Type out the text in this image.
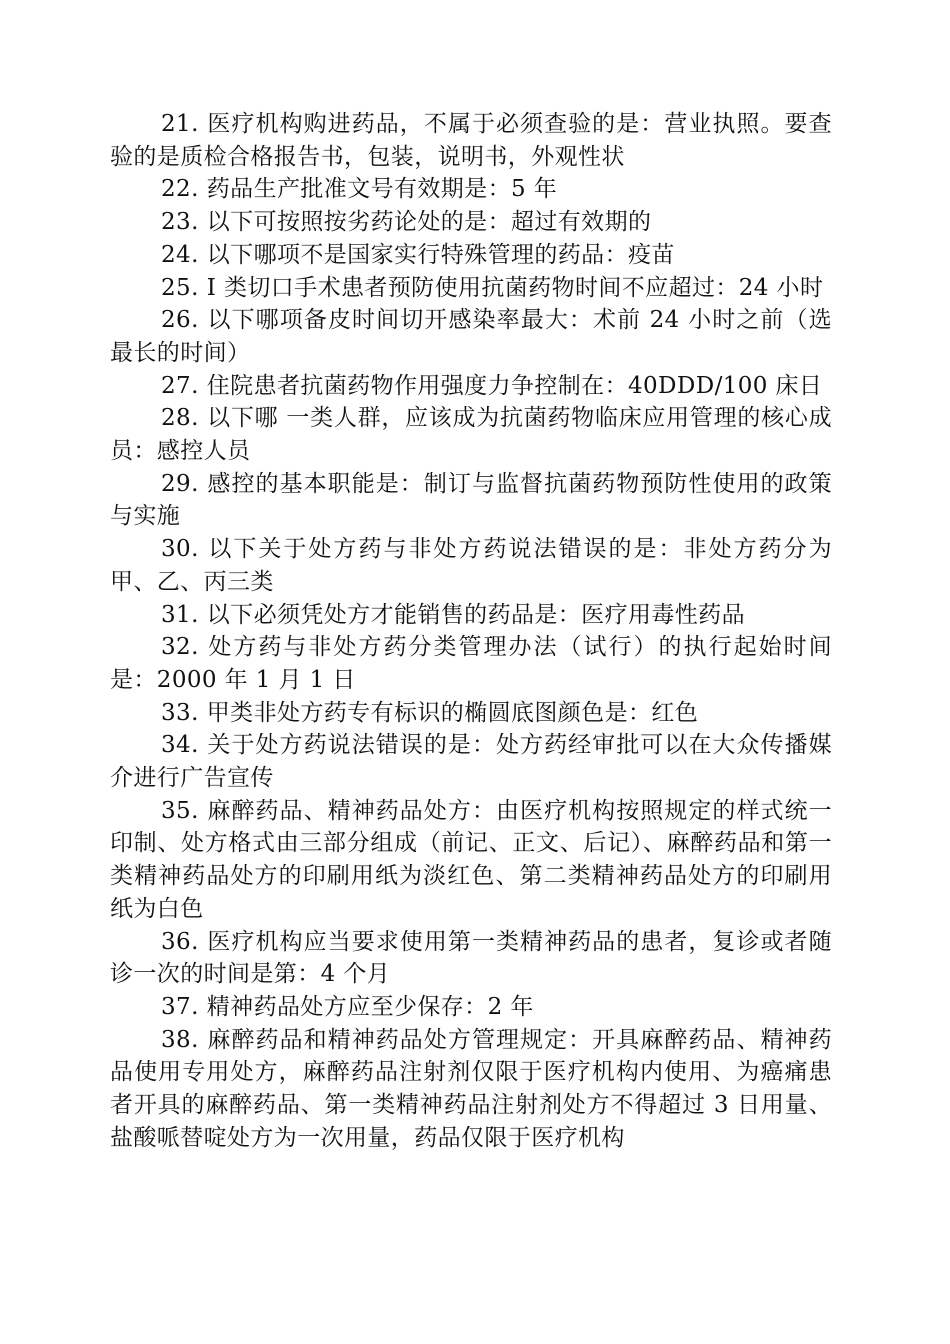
21. 医疗机构购进药品，不属于必须查验的是：营业执照。要查验的是质检合格报告书，包装，说明书，外观性状

22. 药品生产批准文号有效期是：5 年

23. 以下可按照按劣药论处的是：超过有效期的

24. 以下哪项不是国家实行特殊管理的药品：疫苗

25. I 类切口手术患者预防使用抗菌药物时间不应超过：24 小时

26. 以下哪项备皮时间切开感染率最大：术前 24 小时之前（选最长的时间）

27. 住院患者抗菌药物作用强度力争控制在：40DDD/100 床日

28. 以下哪 一类人群，应该成为抗菌药物临床应用管理的核心成员：感控人员

29. 感控的基本职能是：制订与监督抗菌药物预防性使用的政策与实施

30. 以下关于处方药与非处方药说法错误的是：非处方药分为甲、乙、丙三类

31. 以下必须凭处方才能销售的药品是：医疗用毒性药品

32. 处方药与非处方药分类管理办法（试行）的执行起始时间是：2000 年 1 月 1 日

33. 甲类非处方药专有标识的椭圆底图颜色是：红色

34. 关于处方药说法错误的是：处方药经审批可以在大众传播媒介进行广告宣传

35. 麻醉药品、精神药品处方：由医疗机构按照规定的样式统一印制、处方格式由三部分组成（前记、正文、后记）、麻醉药品和第一类精神药品处方的印刷用纸为淡红色、第二类精神药品处方的印刷用纸为白色

36. 医疗机构应当要求使用第一类精神药品的患者，复诊或者随诊一次的时间是第：4 个月

37. 精神药品处方应至少保存：2 年

38. 麻醉药品和精神药品处方管理规定：开具麻醉药品、精神药品使用专用处方，麻醉药品注射剂仅限于医疗机构内使用、为癌痛患者开具的麻醉药品、第一类精神药品注射剂处方不得超过 3 日用量、盐酸哌替啶处方为一次用量，药品仅限于医疗机构
